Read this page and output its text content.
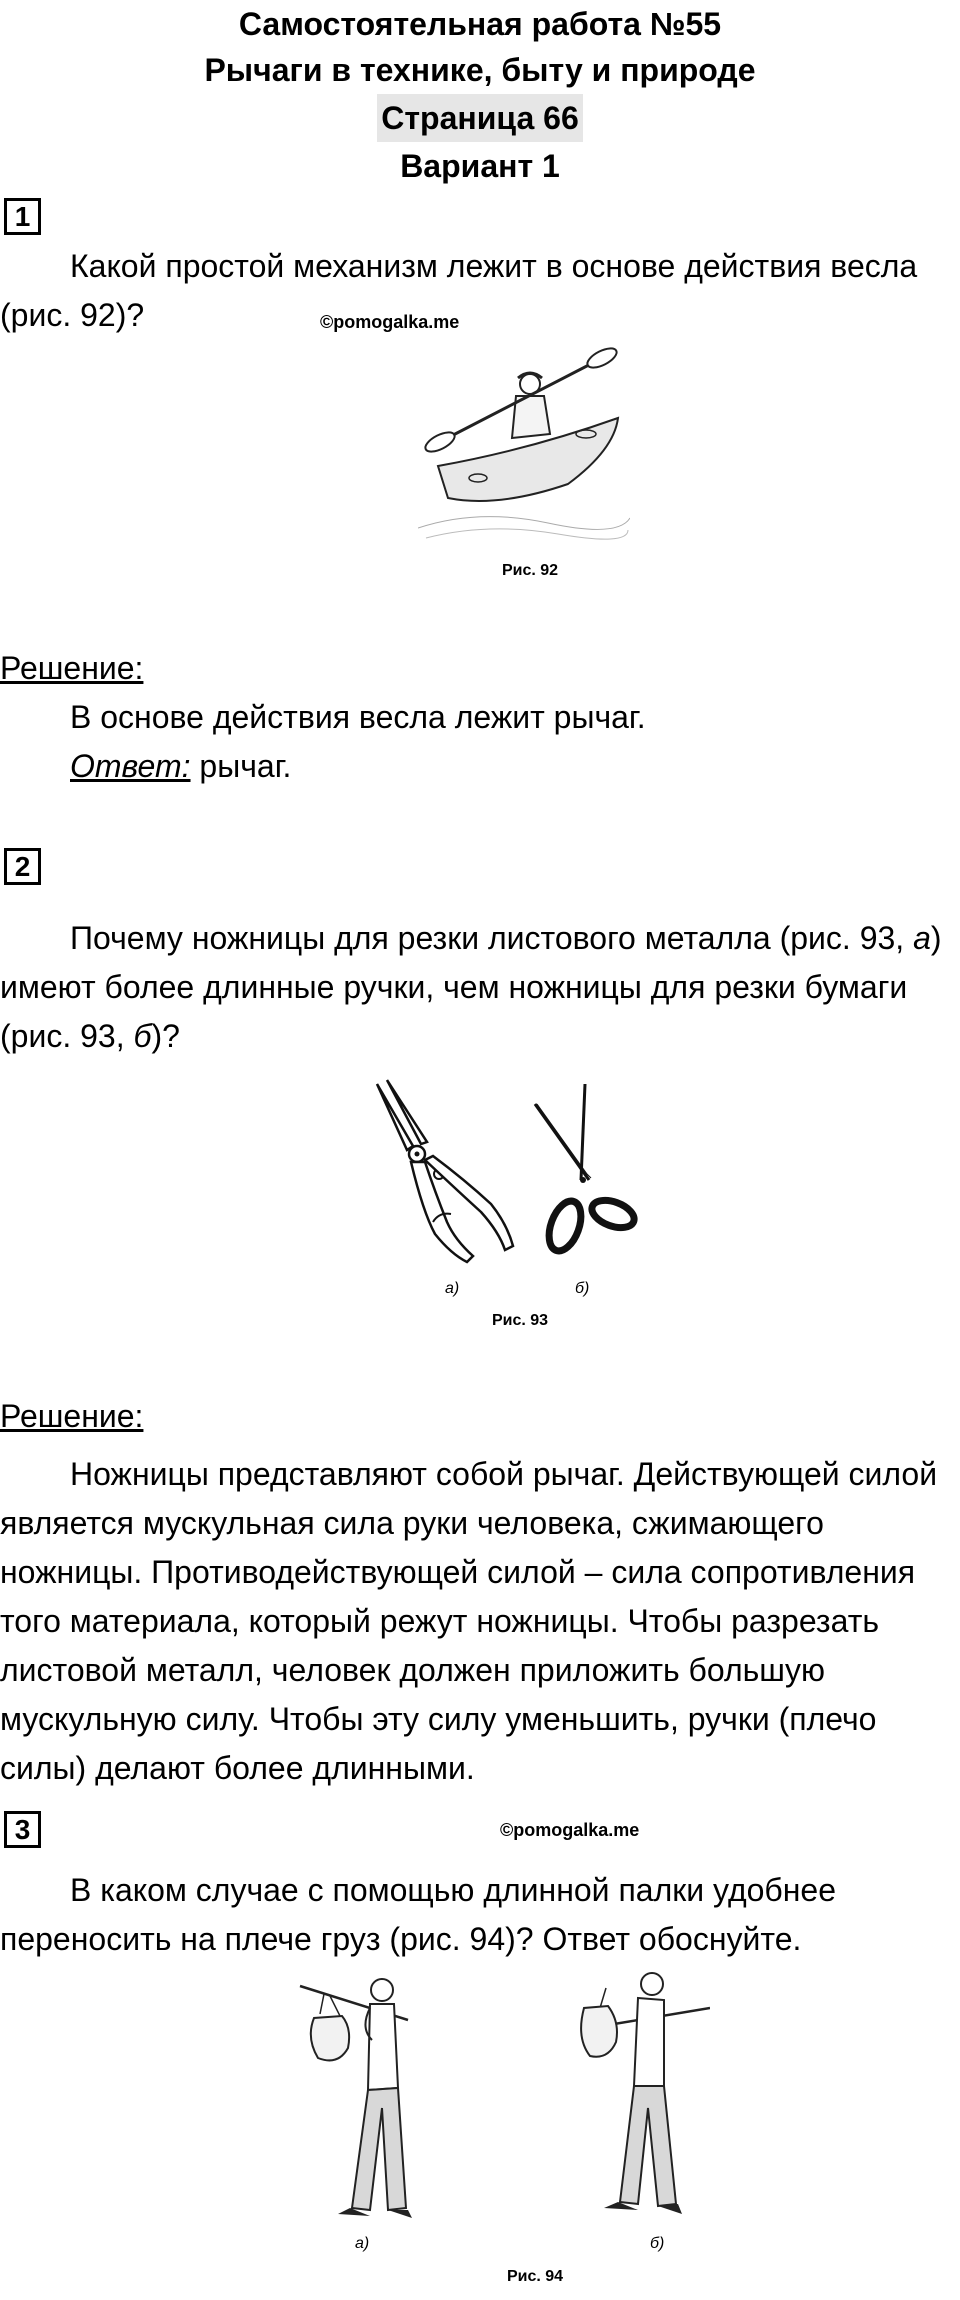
Самостоятельная работа №55
Рычаги в технике, быту и природе
Страница 66
Вариант 1
1
Какой простой механизм лежит в основе действия весла (рис. 92)?	©pomogalka.me
Рис. 92
Решение:
В основе действия весла лежит рычаг.
Ответ: рычаг.
2
Почему ножницы для резки листового металла (рис. 93, а) имеют более длинные ручки, чем ножницы для резки бумаги (рис. 93, б)?
а)	б)
Рис. 93
Решение:
Ножницы представляют собой рычаг. Действующей силой является мускульная сила руки человека, сжимающего ножницы. Противодействующей силой – сила сопротивления того материала, который режут ножницы. Чтобы разрезать листовой металл, человек должен приложить большую мускульную силу. Чтобы эту силу уменьшить, ручки (плечо силы) делают более длинными.
3	©pomogalka.me
В каком случае с помощью длинной палки удобнее переносить на плече груз (рис. 94)? Ответ обоснуйте.
а)	б)
Рис. 94
